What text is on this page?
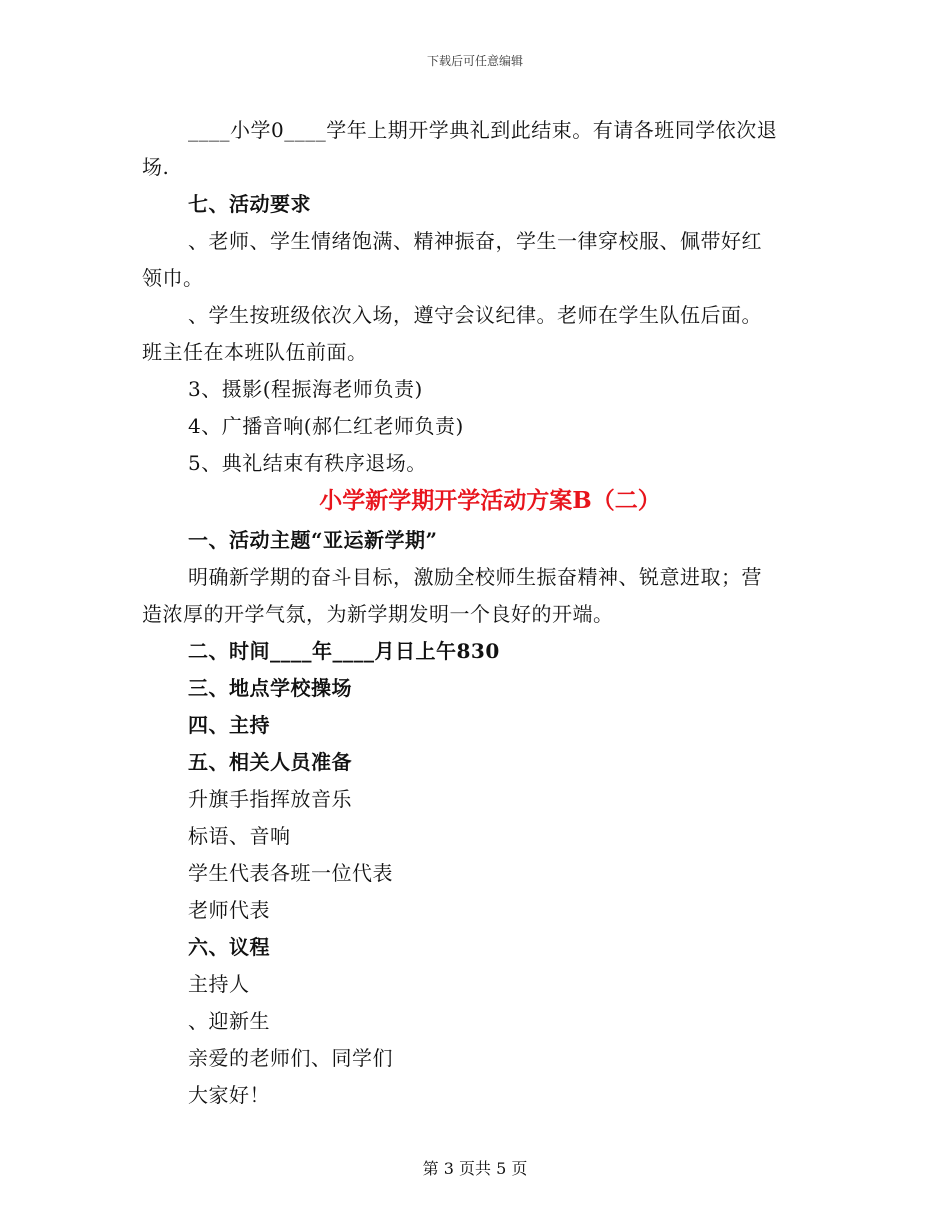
下载后可任意编辑
____小学0____学年上期开学典礼到此结束。有请各班同学依次退
场.
七、活动要求
、老师、学生情绪饱满、精神振奋，学生一律穿校服、佩带好红
领巾。
、学生按班级依次入场，遵守会议纪律。老师在学生队伍后面。
班主任在本班队伍前面。
3、摄影(程振海老师负责)
4、广播音响(郝仁红老师负责)
5、典礼结束有秩序退场。
小学新学期开学活动方案B（二）
一、活动主题“亚运新学期”
明确新学期的奋斗目标，激励全校师生振奋精神、锐意进取；营
造浓厚的开学气氛，为新学期发明一个良好的开端。
二、时间____年____月日上午830
三、地点学校操场
四、主持
五、相关人员准备
升旗手指挥放音乐
标语、音响
学生代表各班一位代表
老师代表
六、议程
主持人
、迎新生
亲爱的老师们、同学们
大家好！
第 3 页共 5 页
